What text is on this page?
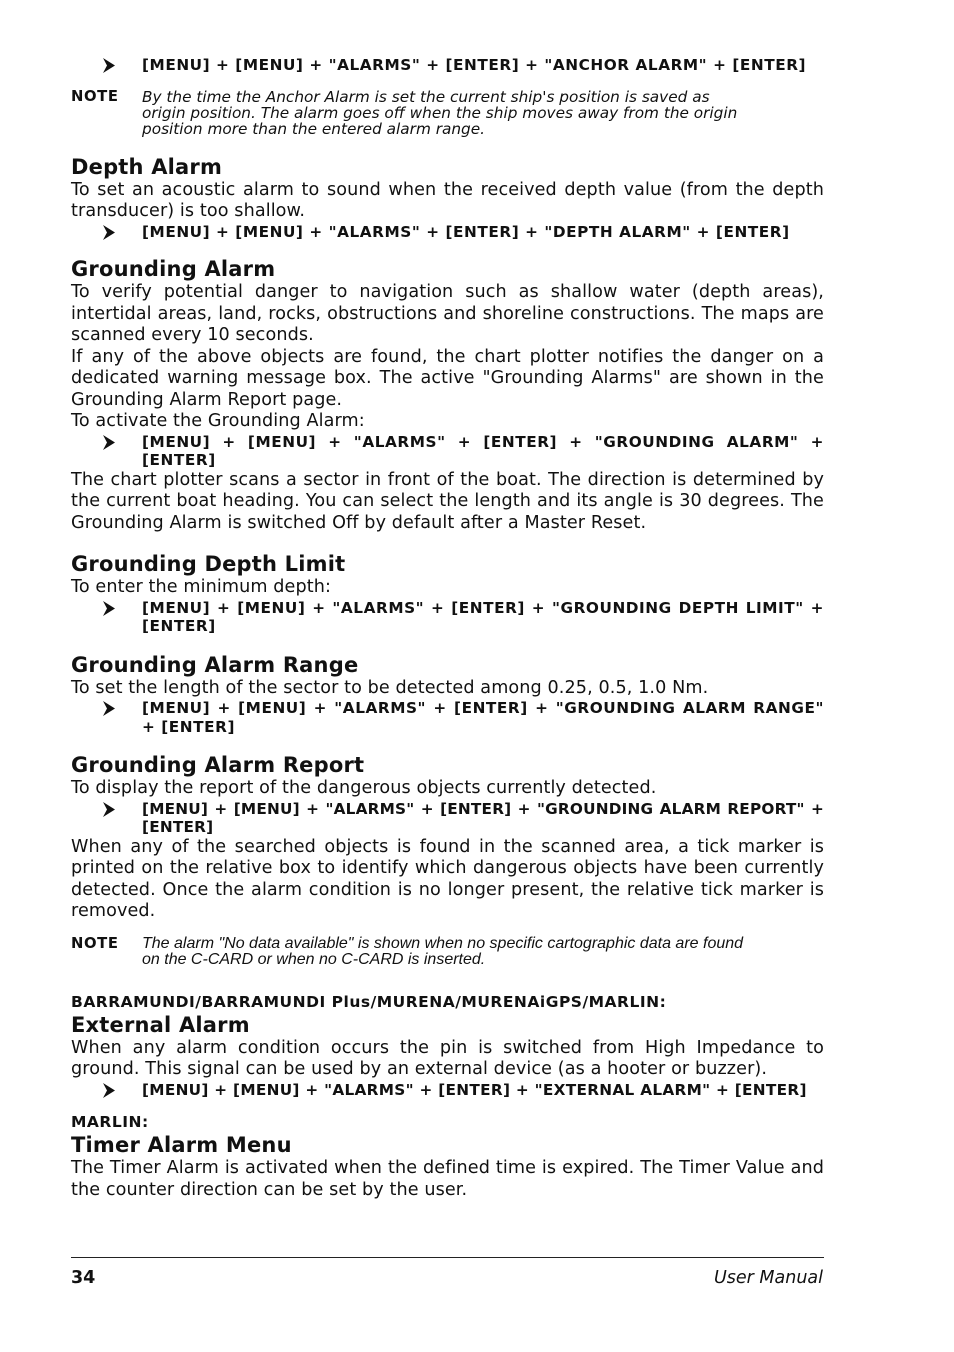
[MENU] + [MENU] + "ALARMS" + [ENTER] + "ANCHOR ALARM" + [ENTER]
NOTE	By the time the Anchor Alarm is set the current ship's position is saved as origin position. The alarm goes off when the ship moves away from the origin position more than the entered alarm range.
Depth Alarm

To set an acoustic alarm to sound when the received depth value (from the depth transducer) is too shallow.

[MENU] + [MENU] + "ALARMS" + [ENTER] + "DEPTH ALARM" + [ENTER]
Grounding Alarm

To verify potential danger to navigation such as shallow water (depth areas), intertidal areas, land, rocks, obstructions and shoreline constructions. The maps are scanned every 10 seconds.

If any of the above objects are found, the chart plotter notifies the danger on a dedicated warning message box. The active "Grounding Alarms" are shown in the Grounding Alarm Report page.

To activate the Grounding Alarm:

[MENU] + [MENU] + "ALARMS" + [ENTER] + "GROUNDING ALARM" + [ENTER]

The chart plotter scans a sector in front of the boat. The direction is determined by the current boat heading. You can select the length and its angle is 30 degrees. The Grounding Alarm is switched Off by default after a Master Reset.

Grounding Depth Limit

To enter the minimum depth:

[MENU] + [MENU] + "ALARMS" + [ENTER] + "GROUNDING DEPTH LIMIT" + [ENTER]
Grounding Alarm Range

To set the length of the sector to be detected among 0.25, 0.5, 1.0 Nm.

[MENU] + [MENU] + "ALARMS" + [ENTER] + "GROUNDING ALARM RANGE" + [ENTER]
Grounding Alarm Report

To display the report of the dangerous objects currently detected.

[MENU] + [MENU] + "ALARMS" + [ENTER] + "GROUNDING ALARM REPORT" + [ENTER]

When any of the searched objects is found in the scanned area, a tick marker is printed on the relative box to identify which dangerous objects have been currently detected. Once the alarm condition is no longer present, the relative tick marker is removed.

NOTE	The alarm "No data available" is shown when no specific cartographic data are found on the C-CARD or when no C-CARD is inserted.
BARRAMUNDI/BARRAMUNDI Plus/MURENA/MURENAiGPS/MARLIN:
External Alarm

When any alarm condition occurs the pin is switched from High Impedance to ground. This signal can be used by an external device (as a hooter or buzzer).

[MENU] + [MENU] + "ALARMS" + [ENTER] + "EXTERNAL ALARM" + [ENTER]
MARLIN:
Timer Alarm Menu

The Timer Alarm is activated when the defined time is expired. The Timer Value and the counter direction can be set by the user.

34	User Manual
